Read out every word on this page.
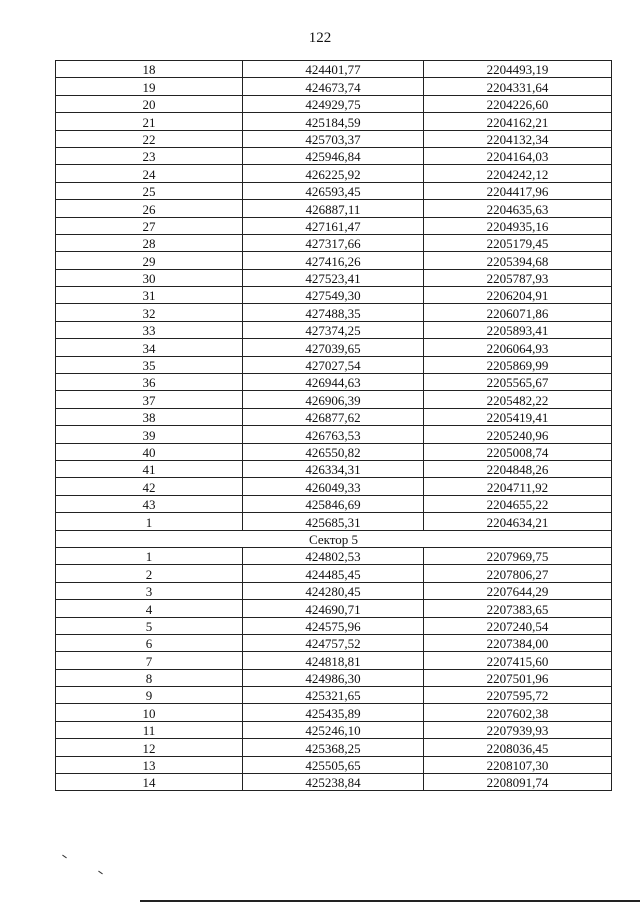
122
18	424401,77	2204493,19
19	424673,74	2204331,64
20	424929,75	2204226,60
21	425184,59	2204162,21
22	425703,37	2204132,34
23	425946,84	2204164,03
24	426225,92	2204242,12
25	426593,45	2204417,96
26	426887,11	2204635,63
27	427161,47	2204935,16
28	427317,66	2205179,45
29	427416,26	2205394,68
30	427523,41	2205787,93
31	427549,30	2206204,91
32	427488,35	2206071,86
33	427374,25	2205893,41
34	427039,65	2206064,93
35	427027,54	2205869,99
36	426944,63	2205565,67
37	426906,39	2205482,22
38	426877,62	2205419,41
39	426763,53	2205240,96
40	426550,82	2205008,74
41	426334,31	2204848,26
42	426049,33	2204711,92
43	425846,69	2204655,22
1	425685,31	2204634,21
Сектор 5		
1	424802,53	2207969,75
2	424485,45	2207806,27
3	424280,45	2207644,29
4	424690,71	2207383,65
5	424575,96	2207240,54
6	424757,52	2207384,00
7	424818,81	2207415,60
8	424986,30	2207501,96
9	425321,65	2207595,72
10	425435,89	2207602,38
11	425246,10	2207939,93
12	425368,25	2208036,45
13	425505,65	2208107,30
14	425238,84	2208091,74
